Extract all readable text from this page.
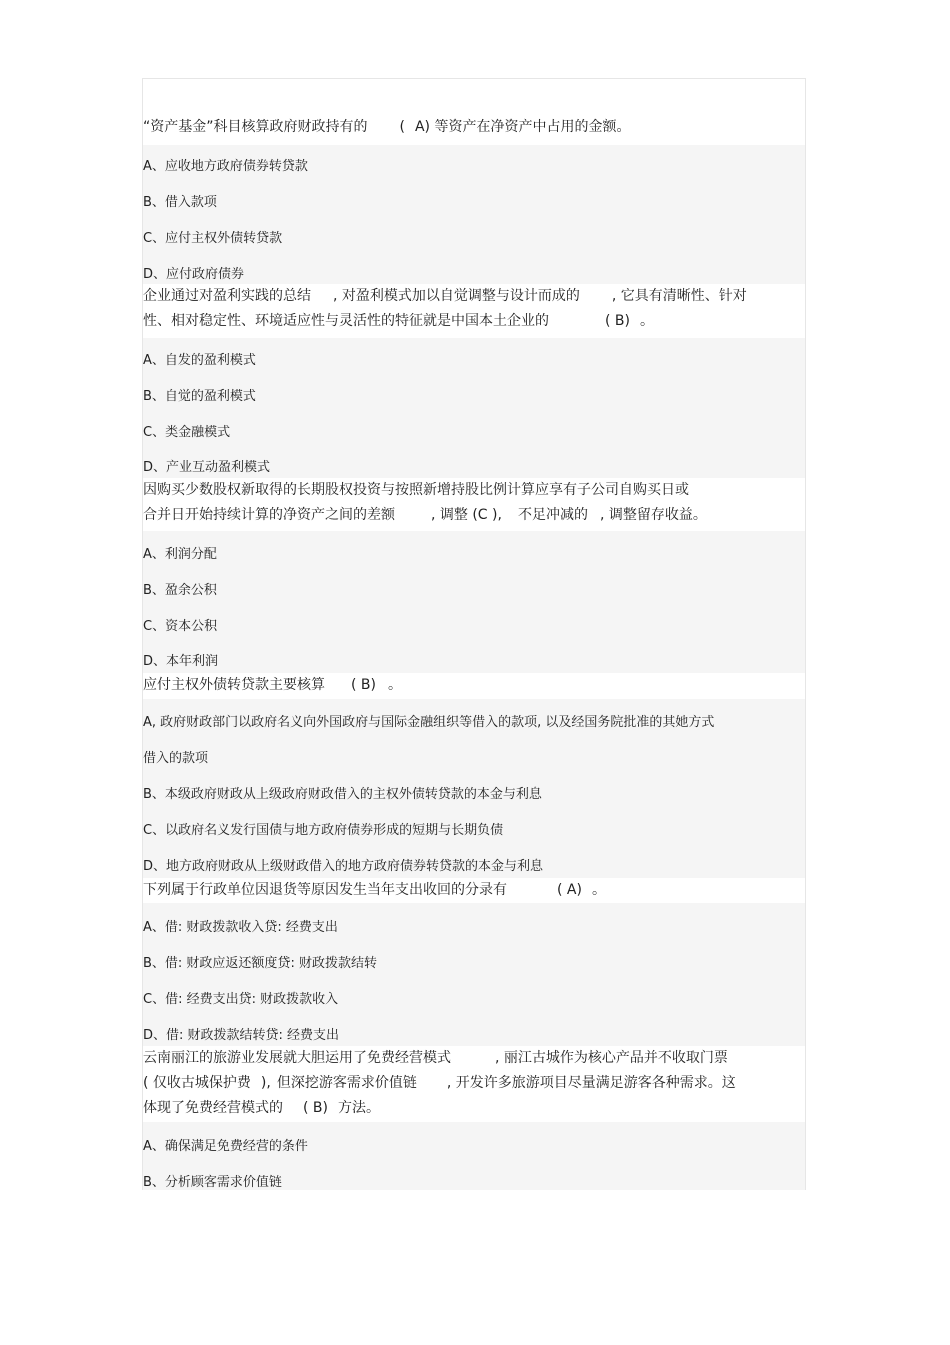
“资产基金”科目核算政府财政持有的 ( A) 等资产在净资产中占用的金额。
A、应收地方政府债券转贷款
B、借入款项
C、应付主权外债转贷款
D、应付政府债券
企业通过对盈利实践的总结 , 对盈利模式加以自觉调整与设计而成的 , 它具有清晰性、针对
性、相对稳定性、环境适应性与灵活性的特征就是中国本土企业的	( B) 。
A、自发的盈利模式
B、自觉的盈利模式
C、类金融模式
D、产业互动盈利模式
因购买少数股权新取得的长期股权投资与按照新增持股比例计算应享有子公司自购买日或
合并日开始持续计算的净资产之间的差额	, 调整 (C ), 不足冲减的 , 调整留存收益。
A、利润分配
B、盈余公积
C、资本公积
D、本年利润
应付主权外债转贷款主要核算 ( B) 。
A, 政府财政部门以政府名义向外国政府与国际金融组织等借入的款项, 以及经国务院批准的其她方式
借入的款项
B、本级政府财政从上级政府财政借入的主权外债转贷款的本金与利息
C、以政府名义发行国债与地方政府债券形成的短期与长期负债
D、地方政府财政从上级财政借入的地方政府债券转贷款的本金与利息
下列属于行政单位因退货等原因发生当年支出收回的分录有	( A) 。
A、借: 财政拨款收入贷: 经费支出
B、借: 财政应返还额度贷: 财政拨款结转
C、借: 经费支出贷: 财政拨款收入
D、借: 财政拨款结转贷: 经费支出
云南丽江的旅游业发展就大胆运用了免费经营模式	, 丽江古城作为核心产品并不收取门票
( 仅收古城保护费 ), 但深挖游客需求价值链 , 开发许多旅游项目尽量满足游客各种需求。这
体现了免费经营模式的 ( B) 方法。
A、确保满足免费经营的条件
B、分析顾客需求价值链
